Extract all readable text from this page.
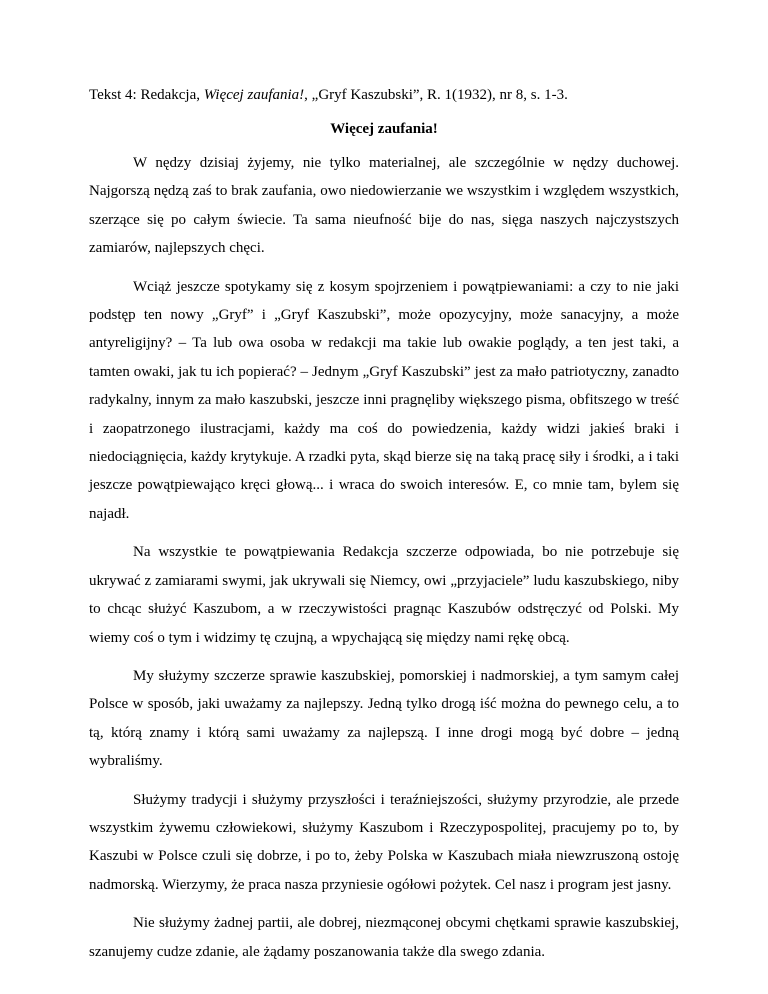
Tekst 4: Redakcja, Więcej zaufania!, „Gryf Kaszubski”, R. 1(1932), nr 8, s. 1-3.
Więcej zaufania!

W nędzy dzisiaj żyjemy, nie tylko materialnej, ale szczególnie w nędzy duchowej. Najgorszą nędzą zaś to brak zaufania, owo niedowierzanie we wszystkim i względem wszystkich, szerzące się po całym świecie. Ta sama nieufność bije do nas, sięga naszych najczystszych zamiarów, najlepszych chęci.

Wciąż jeszcze spotykamy się z kosym spojrzeniem i powątpiewaniami: a czy to nie jaki podstęp ten nowy „Gryf” i „Gryf Kaszubski”, może opozycyjny, może sanacyjny, a może antyreligijny? – Ta lub owa osoba w redakcji ma takie lub owakie poglądy, a ten jest taki, a tamten owaki, jak tu ich popierać? – Jednym „Gryf Kaszubski” jest za mało patriotyczny, zanadto radykalny, innym za mało kaszubski, jeszcze inni pragnęliby większego pisma, obfitszego w treść i zaopatrzonego ilustracjami, każdy ma coś do powiedzenia, każdy widzi jakieś braki i niedociągnięcia, każdy krytykuje. A rzadki pyta, skąd bierze się na taką pracę siły i środki, a i taki jeszcze powątpiewająco kręci głową... i wraca do swoich interesów. E, co mnie tam, bylem się najadł.

Na wszystkie te powątpiewania Redakcja szczerze odpowiada, bo nie potrzebuje się ukrywać z zamiarami swymi, jak ukrywali się Niemcy, owi „przyjaciele” ludu kaszubskiego, niby to chcąc służyć Kaszubom, a w rzeczywistości pragnąc Kaszubów odstręczyć od Polski. My wiemy coś o tym i widzimy tę czujną, a wpychającą się między nami rękę obcą.

My służymy szczerze sprawie kaszubskiej, pomorskiej i nadmorskiej, a tym samym całej Polsce w sposób, jaki uważamy za najlepszy. Jedną tylko drogą iść można do pewnego celu, a to tą, którą znamy i którą sami uważamy za najlepszą. I inne drogi mogą być dobre – jedną wybraliśmy.

Służymy tradycji i służymy przyszłości i teraźniejszości, służymy przyrodzie, ale przede wszystkim żywemu człowiekowi, służymy Kaszubom i Rzeczypospolitej, pracujemy po to, by Kaszubi w Polsce czuli się dobrze, i po to, żeby Polska w Kaszubach miała niewzruszoną ostoję nadmorską. Wierzymy, że praca nasza przyniesie ogółowi pożytek. Cel nasz i program jest jasny.

Nie służymy żadnej partii, ale dobrej, niezmąconej obcymi chętkami sprawie kaszubskiej, szanujemy cudze zdanie, ale żądamy poszanowania także dla swego zdania.
